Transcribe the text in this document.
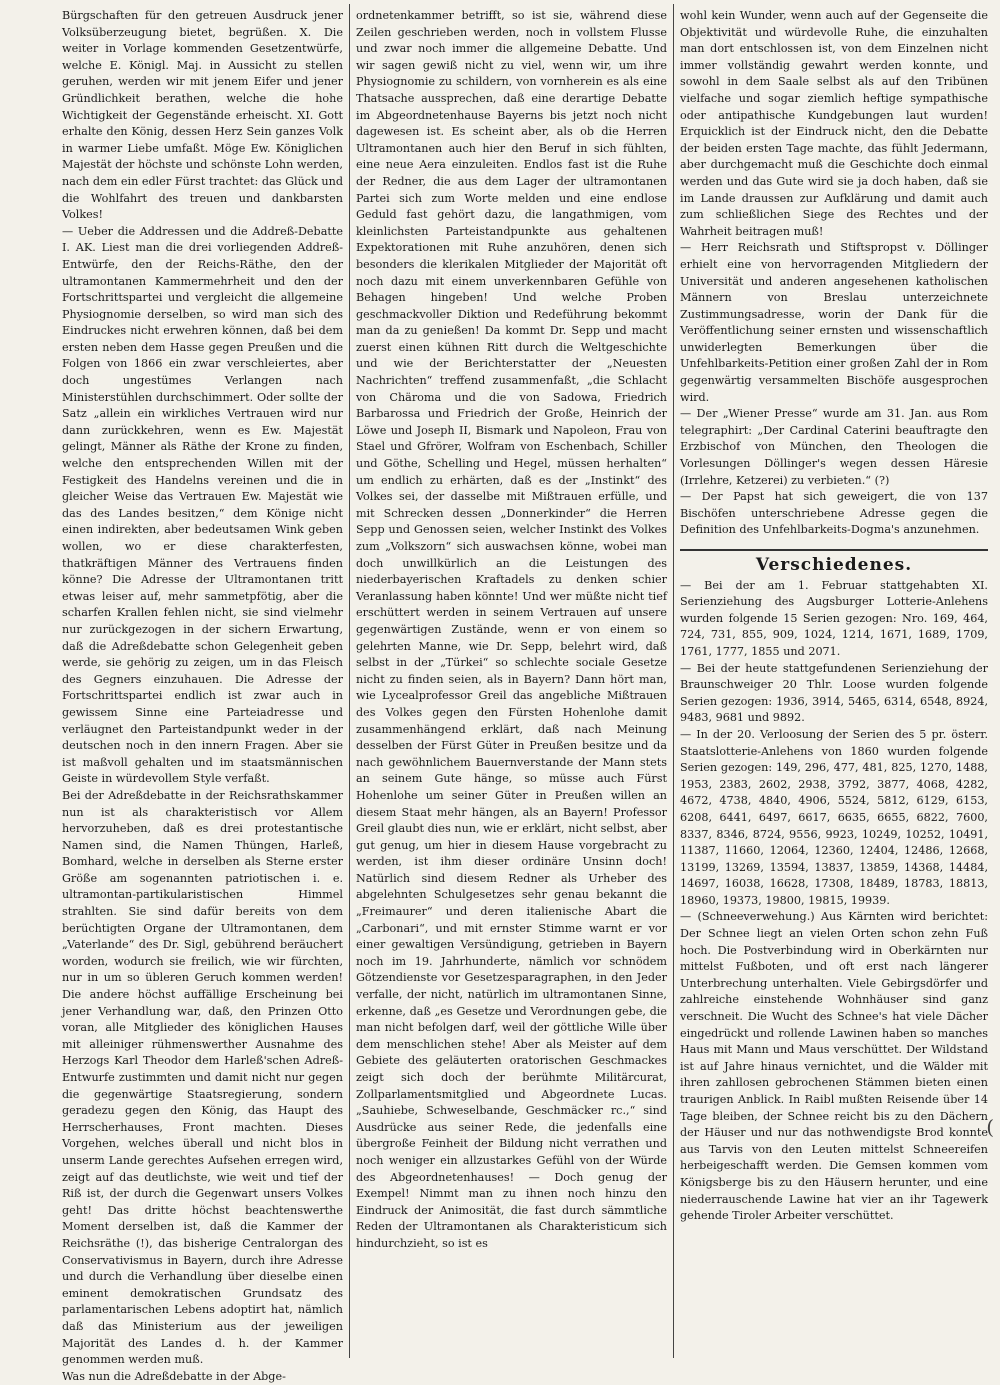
Bürgschaften für den getreuen Ausdruck jener Volksüberzeugung bietet, begrüßen. X. Die weiter in Vorlage kommenden Gesetzentwürfe, welche E. Königl. Maj. in Aussicht zu stellen geruhen, werden wir mit jenem Eifer und jener Gründlichkeit berathen, welche die hohe Wichtigkeit der Gegenstände erheischt. XI. Gott erhalte den König, dessen Herz Sein ganzes Volk in warmer Liebe umfaßt. Möge Ew. Königlichen Majestät der höchste und schönste Lohn werden, nach dem ein edler Fürst trachtet: das Glück und die Wohlfahrt des treuen und dankbarsten Volkes!

— Ueber die Addressen und die Addreß-Debatte I. AK. Liest man die drei vorliegenden Addreß-Entwürfe, den der Reichs-Räthe, den der ultramontanen Kammermehrheit und den der Fortschrittspartei und vergleicht die allgemeine Physiognomie derselben, so wird man sich des Eindruckes nicht erwehren können, daß bei dem ersten neben dem Hasse gegen Preußen und die Folgen von 1866 ein zwar verschleiertes, aber doch ungestümes Verlangen nach Ministerstühlen durchschimmert. Oder sollte der Satz „allein ein wirkliches Vertrauen wird nur dann zurückkehren, wenn es Ew. Majestät gelingt, Männer als Räthe der Krone zu finden, welche den entsprechenden Willen mit der Festigkeit des Handelns vereinen und die in gleicher Weise das Vertrauen Ew. Majestät wie das des Landes besitzen,“ dem Könige nicht einen indirekten, aber bedeutsamen Wink geben wollen, wo er diese charakterfesten, thatkräftigen Männer des Vertrauens finden könne? Die Adresse der Ultramontanen tritt etwas leiser auf, mehr sammetpfötig, aber die scharfen Krallen fehlen nicht, sie sind vielmehr nur zurückgezogen in der sichern Erwartung, daß die Adreßdebatte schon Gelegenheit geben werde, sie gehörig zu zeigen, um in das Fleisch des Gegners einzuhauen. Die Adresse der Fortschrittspartei endlich ist zwar auch in gewissem Sinne eine Parteiadresse und verläugnet den Parteistandpunkt weder in der deutschen noch in den innern Fragen. Aber sie ist maßvoll gehalten und im staatsmännischen Geiste in würdevollem Style verfaßt.

Bei der Adreßdebatte in der Reichsrathskammer nun ist als charakteristisch vor Allem hervorzuheben, daß es drei protestantische Namen sind, die Namen Thüngen, Harleß, Bomhard, welche in derselben als Sterne erster Größe am sogenannten patriotischen i. e. ultramontan-partikularistischen Himmel strahlten. Sie sind dafür bereits von dem berüchtigten Organe der Ultramontanen, dem „Vaterlande“ des Dr. Sigl, gebührend beräuchert worden, wodurch sie freilich, wie wir fürchten, nur in um so übleren Geruch kommen werden! Die andere höchst auffällige Erscheinung bei jener Verhandlung war, daß, den Prinzen Otto voran, alle Mitglieder des königlichen Hauses mit alleiniger rühmenswerther Ausnahme des Herzogs Karl Theodor dem Harleß'schen Adreß-Entwurfe zustimmten und damit nicht nur gegen die gegenwärtige Staatsregierung, sondern geradezu gegen den König, das Haupt des Herrscherhauses, Front machten. Dieses Vorgehen, welches überall und nicht blos in unserm Lande gerechtes Aufsehen erregen wird, zeigt auf das deutlichste, wie weit und tief der Riß ist, der durch die Gegenwart unsers Volkes geht! Das dritte höchst beachtenswerthe Moment derselben ist, daß die Kammer der Reichsräthe (!), das bisherige Centralorgan des Conservativismus in Bayern, durch ihre Adresse und durch die Verhandlung über dieselbe einen eminent demokratischen Grundsatz des parlamentarischen Lebens adoptirt hat, nämlich daß das Ministerium aus der jeweiligen Majorität des Landes d. h. der Kammer genommen werden muß.

Was nun die Adreßdebatte in der Abge-

ordnetenkammer betrifft, so ist sie, während diese Zeilen geschrieben werden, noch in vollstem Flusse und zwar noch immer die allgemeine Debatte. Und wir sagen gewiß nicht zu viel, wenn wir, um ihre Physiognomie zu schildern, von vornherein es als eine Thatsache aussprechen, daß eine derartige Debatte im Abgeordnetenhause Bayerns bis jetzt noch nicht dagewesen ist. Es scheint aber, als ob die Herren Ultramontanen auch hier den Beruf in sich fühlten, eine neue Aera einzuleiten. Endlos fast ist die Ruhe der Redner, die aus dem Lager der ultramontanen Partei sich zum Worte melden und eine endlose Geduld fast gehört dazu, die langathmigen, vom kleinlichsten Parteistandpunkte aus gehaltenen Expektorationen mit Ruhe anzuhören, denen sich besonders die klerikalen Mitglieder der Majorität oft noch dazu mit einem unverkennbaren Gefühle von Behagen hingeben! Und welche Proben geschmackvoller Diktion und Redeführung bekommt man da zu genießen! Da kommt Dr. Sepp und macht zuerst einen kühnen Ritt durch die Weltgeschichte und wie der Berichterstatter der „Neuesten Nachrichten“ treffend zusammenfaßt, „die Schlacht von Chäroma und die von Sadowa, Friedrich Barbarossa und Friedrich der Große, Heinrich der Löwe und Joseph II, Bismark und Napoleon, Frau von Stael und Gfrörer, Wolfram von Eschenbach, Schiller und Göthe, Schelling und Hegel, müssen herhalten“ um endlich zu erhärten, daß es der „Instinkt“ des Volkes sei, der dasselbe mit Mißtrauen erfülle, und mit Schrecken dessen „Donnerkinder“ die Herren Sepp und Genossen seien, welcher Instinkt des Volkes zum „Volkszorn“ sich auswachsen könne, wobei man doch unwillkürlich an die Leistungen des niederbayerischen Kraftadels zu denken schier Veranlassung haben könnte! Und wer müßte nicht tief erschüttert werden in seinem Vertrauen auf unsere gegenwärtigen Zustände, wenn er von einem so gelehrten Manne, wie Dr. Sepp, belehrt wird, daß selbst in der „Türkei“ so schlechte sociale Gesetze nicht zu finden seien, als in Bayern? Dann hört man, wie Lycealprofessor Greil das angebliche Mißtrauen des Volkes gegen den Fürsten Hohenlohe damit zusammenhängend erklärt, daß nach Meinung desselben der Fürst Güter in Preußen besitze und da nach gewöhnlichem Bauernverstande der Mann stets an seinem Gute hänge, so müsse auch Fürst Hohenlohe um seiner Güter in Preußen willen an diesem Staat mehr hängen, als an Bayern! Professor Greil glaubt dies nun, wie er erklärt, nicht selbst, aber gut genug, um hier in diesem Hause vorgebracht zu werden, ist ihm dieser ordinäre Unsinn doch! Natürlich sind diesem Redner als Urheber des abgelehnten Schulgesetzes sehr genau bekannt die „Freimaurer“ und deren italienische Abart die „Carbonari“, und mit ernster Stimme warnt er vor einer gewaltigen Versündigung, getrieben in Bayern noch im 19. Jahrhunderte, nämlich vor schnödem Götzendienste vor Gesetzesparagraphen, in den Jeder verfalle, der nicht, natürlich im ultramontanen Sinne, erkenne, daß „es Gesetze und Verordnungen gebe, die man nicht befolgen darf, weil der göttliche Wille über dem menschlichen stehe! Aber als Meister auf dem Gebiete des geläuterten oratorischen Geschmackes zeigt sich doch der berühmte Militärcurat, Zollparlamentsmitglied und Abgeordnete Lucas. „Sauhiebe, Schweselbande, Geschmäcker rc.,“ sind Ausdrücke aus seiner Rede, die jedenfalls eine übergroße Feinheit der Bildung nicht verrathen und noch weniger ein allzustarkes Gefühl von der Würde des Abgeordnetenhauses! — Doch genug der Exempel! Nimmt man zu ihnen noch hinzu den Eindruck der Animosität, die fast durch sämmtliche Reden der Ultramontanen als Charakteristicum sich hindurchzieht, so ist es

wohl kein Wunder, wenn auch auf der Gegenseite die Objektivität und würdevolle Ruhe, die einzuhalten man dort entschlossen ist, von dem Einzelnen nicht immer vollständig gewahrt werden konnte, und sowohl in dem Saale selbst als auf den Tribünen vielfache und sogar ziemlich heftige sympathische oder antipathische Kundgebungen laut wurden! Erquicklich ist der Eindruck nicht, den die Debatte der beiden ersten Tage machte, das fühlt Jedermann, aber durchgemacht muß die Geschichte doch einmal werden und das Gute wird sie ja doch haben, daß sie im Lande draussen zur Aufklärung und damit auch zum schließlichen Siege des Rechtes und der Wahrheit beitragen muß!

— Herr Reichsrath und Stiftspropst v. Döllinger erhielt eine von hervorragenden Mitgliedern der Universität und anderen angesehenen katholischen Männern von Breslau unterzeichnete Zustimmungsadresse, worin der Dank für die Veröffentlichung seiner ernsten und wissenschaftlich unwiderlegten Bemerkungen über die Unfehlbarkeits-Petition einer großen Zahl der in Rom gegenwärtig versammelten Bischöfe ausgesprochen wird.

— Der „Wiener Presse“ wurde am 31. Jan. aus Rom telegraphirt: „Der Cardinal Caterini beauftragte den Erzbischof von München, den Theologen die Vorlesungen Döllinger's wegen dessen Häresie (Irrlehre, Ketzerei) zu verbieten.“ (?)

— Der Papst hat sich geweigert, die von 137 Bischöfen unterschriebene Adresse gegen die Definition des Unfehlbarkeits-Dogma's anzunehmen.

Verschiedenes.

— Bei der am 1. Februar stattgehabten XI. Serienziehung des Augsburger Lotterie-Anlehens wurden folgende 15 Serien gezogen: Nro. 169, 464, 724, 731, 855, 909, 1024, 1214, 1671, 1689, 1709, 1761, 1777, 1855 und 2071.

— Bei der heute stattgefundenen Serienziehung der Braunschweiger 20 Thlr. Loose wurden folgende Serien gezogen: 1936, 3914, 5465, 6314, 6548, 8924, 9483, 9681 und 9892.

— In der 20. Verloosung der Serien des 5 pr. österr. Staatslotterie-Anlehens von 1860 wurden folgende Serien gezogen: 149, 296, 477, 481, 825, 1270, 1488, 1953, 2383, 2602, 2938, 3792, 3877, 4068, 4282, 4672, 4738, 4840, 4906, 5524, 5812, 6129, 6153, 6208, 6441, 6497, 6617, 6635, 6655, 6822, 7600, 8337, 8346, 8724, 9556, 9923, 10249, 10252, 10491, 11387, 11660, 12064, 12360, 12404, 12486, 12668, 13199, 13269, 13594, 13837, 13859, 14368, 14484, 14697, 16038, 16628, 17308, 18489, 18783, 18813, 18960, 19373, 19800, 19815, 19939.

— (Schneeverwehung.) Aus Kärnten wird berichtet: Der Schnee liegt an vielen Orten schon zehn Fuß hoch. Die Postverbindung wird in Oberkärnten nur mittelst Fußboten, und oft erst nach längerer Unterbrechung unterhalten. Viele Gebirgsdörfer und zahlreiche einstehende Wohnhäuser sind ganz verschneit. Die Wucht des Schnee's hat viele Dächer eingedrückt und rollende Lawinen haben so manches Haus mit Mann und Maus verschüttet. Der Wildstand ist auf Jahre hinaus vernichtet, und die Wälder mit ihren zahllosen gebrochenen Stämmen bieten einen traurigen Anblick. In Raibl mußten Reisende über 14 Tage bleiben, der Schnee reicht bis zu den Dächern der Häuser und nur das nothwendigste Brod konnte aus Tarvis von den Leuten mittelst Schneereifen herbeigeschafft werden. Die Gemsen kommen vom Königsberge bis zu den Häusern herunter, und eine niederrauschende Lawine hat vier an ihr Tagewerk gehende Tiroler Arbeiter verschüttet.

(
